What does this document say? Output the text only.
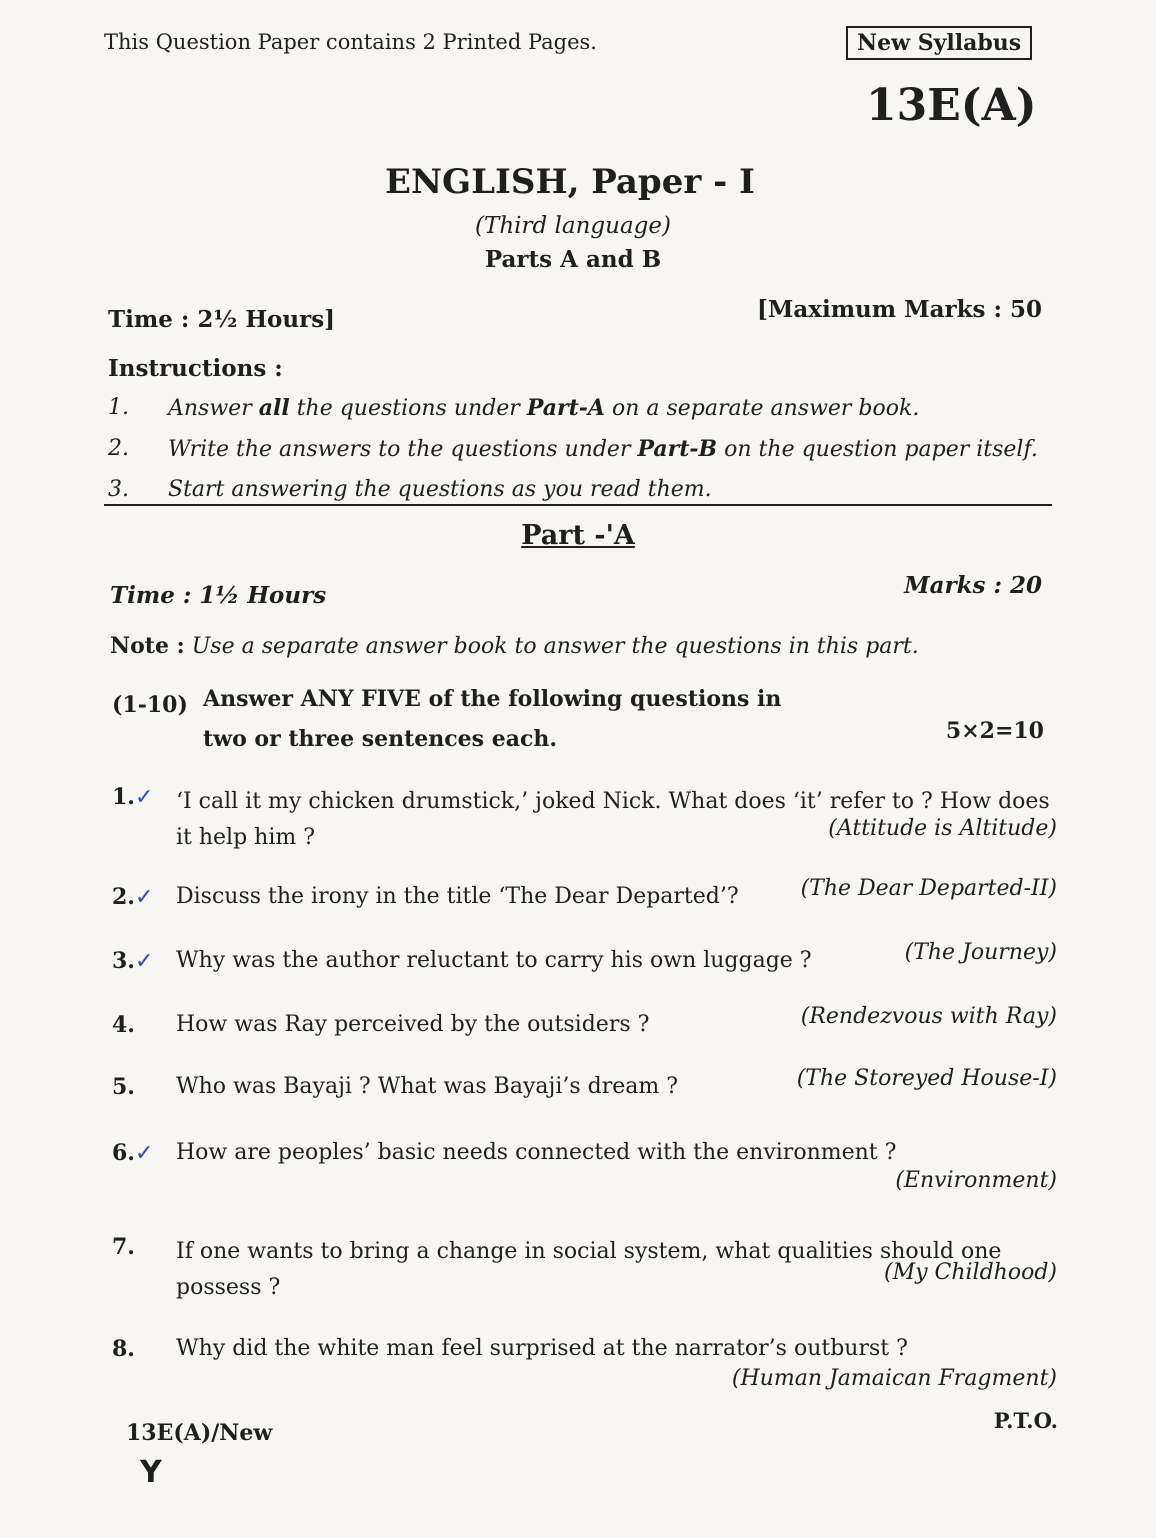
This Question Paper contains 2 Printed Pages.	New Syllabus
13E(A)
ENGLISH, Paper - I
(Third language)
Parts A and B
Time : 2½ Hours]	[Maximum Marks : 50
Instructions :
1.	Answer all the questions under Part-A on a separate answer book.
2.	Write the answers to the questions under Part-B on the question paper itself.
3.	Start answering the questions as you read them.
Part -'A
Time : 1½ Hours	Marks : 20
Note : Use a separate answer book to answer the questions in this part.
(1-10) Answer ANY FIVE of the following questions in
two or three sentences each.	5×2=10
1.✓ ‘I call it my chicken drumstick,’ joked Nick. What does ‘it’ refer to ? How does it help him ?	(Attitude is Altitude)
2.✓ Discuss the irony in the title ‘The Dear Departed’?	(The Dear Departed-II)
3.✓ Why was the author reluctant to carry his own luggage ?	(The Journey)
4. How was Ray perceived by the outsiders ?	(Rendezvous with Ray)
5. Who was Bayaji ? What was Bayaji’s dream ?	(The Storeyed House-I)
6.✓ How are peoples’ basic needs connected with the environment ?
(Environment)
7. If one wants to bring a change in social system, what qualities should one possess ?
(My Childhood)
8. Why did the white man feel surprised at the narrator’s outburst ?
(Human Jamaican Fragment)
13E(A)/New	P.T.O.
Y
